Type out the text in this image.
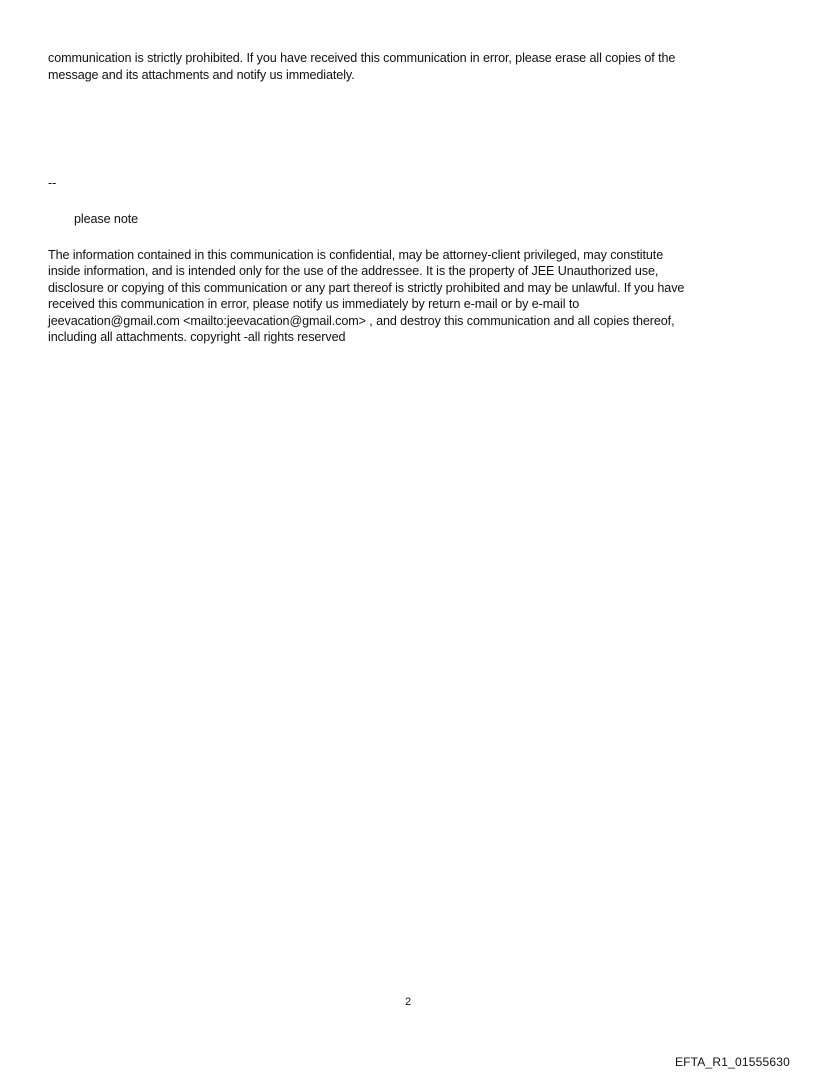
communication is strictly prohibited. If you have received this communication in error, please erase all copies of the
message and its attachments and notify us immediately.
--
please note
The information contained in this communication is confidential, may be attorney-client privileged, may constitute
inside information, and is intended only for the use of the addressee. It is the property of JEE Unauthorized use,
disclosure or copying of this communication or any part thereof is strictly prohibited and may be unlawful. If you have
received this communication in error, please notify us immediately by return e-mail or by e-mail to
jeevacation@gmail.com <mailto:jeevacation@gmail.com> , and destroy this communication and all copies thereof,
including all attachments. copyright -all rights reserved
2
EFTA_R1_01555630
